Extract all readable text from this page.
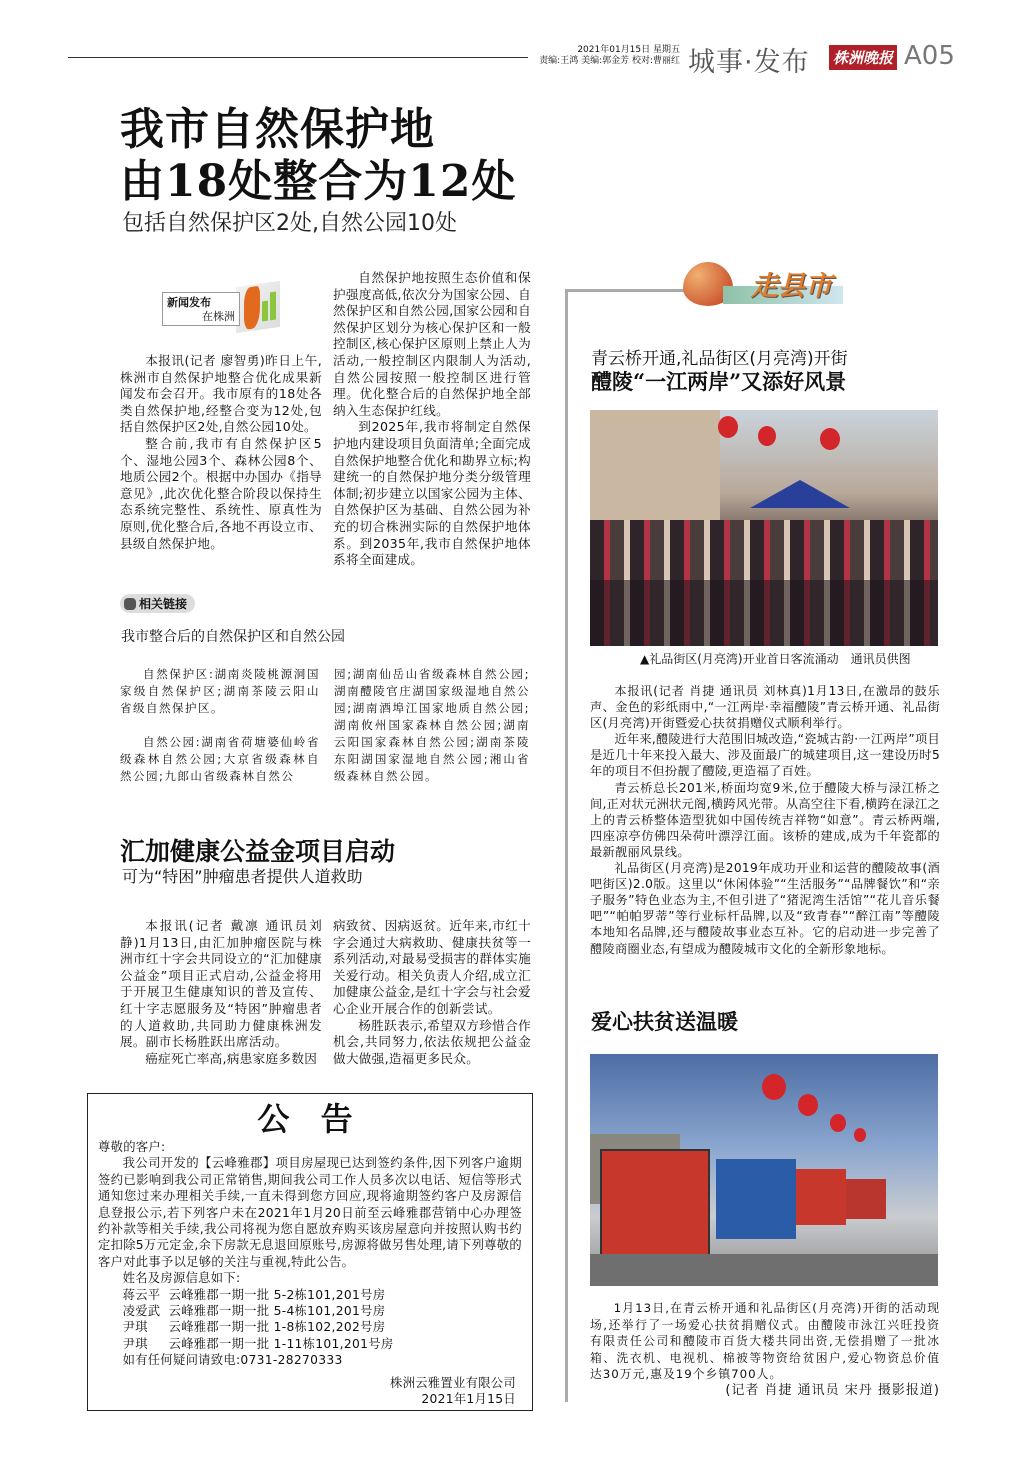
2021年01月15日 星期五
责编:王鸿 美编:郭金芳 校对:曹丽红 城事·发布 株洲晚报 A05
我市自然保护地
由18处整合为12处
包括自然保护区2处,自然公园10处
新闻发布
在株洲

本报讯(记者 廖智勇)昨日上午,株洲市自然保护地整合优化成果新闻发布会召开。我市原有的18处各类自然保护地,经整合变为12处,包括自然保护区2处,自然公园10处。

整合前,我市有自然保护区5个、湿地公园3个、森林公园8个、地质公园2个。根据中办国办《指导意见》,此次优化整合阶段以保持生态系统完整性、系统性、原真性为原则,优化整合后,各地不再设立市、县级自然保护地。

自然保护地按照生态价值和保护强度高低,依次分为国家公园、自然保护区和自然公园,国家公园和自然保护区划分为核心保护区和一般控制区,核心保护区原则上禁止人为活动,一般控制区内限制人为活动,自然公园按照一般控制区进行管理。优化整合后的自然保护地全部纳入生态保护红线。

到2025年,我市将制定自然保护地内建设项目负面清单;全面完成自然保护地整合优化和勘界立标;构建统一的自然保护地分类分级管理体制;初步建立以国家公园为主体、自然保护区为基础、自然公园为补充的切合株洲实际的自然保护地体系。到2035年,我市自然保护地体系将全面建成。

相关链接
我市整合后的自然保护区和自然公园

自然保护区:湖南炎陵桃源洞国家级自然保护区;湖南茶陵云阳山省级自然保护区。

自然公园:湖南省荷塘婆仙岭省级森林自然公园;大京省级森林自然公园;九郎山省级森林自然公

园;湖南仙岳山省级森林自然公园;湖南醴陵官庄湖国家级湿地自然公园;湖南酒埠江国家地质自然公园;湖南攸州国家森林自然公园;湖南云阳国家森林自然公园;湖南茶陵东阳湖国家湿地自然公园;湘山省级森林自然公园。
汇加健康公益金项目启动
可为“特困”肿瘤患者提供人道救助

本报讯(记者 戴凛 通讯员刘静)1月13日,由汇加肿瘤医院与株洲市红十字会共同设立的“汇加健康公益金”项目正式启动,公益金将用于开展卫生健康知识的普及宣传、红十字志愿服务及“特困”肿瘤患者的人道救助,共同助力健康株洲发展。副市长杨胜跃出席活动。

癌症死亡率高,病患家庭多数因

病致贫、因病返贫。近年来,市红十字会通过大病救助、健康扶贫等一系列活动,对最易受损害的群体实施关爱行动。相关负责人介绍,成立汇加健康公益金,是红十字会与社会爱心企业开展合作的创新尝试。

杨胜跃表示,希望双方珍惜合作机会,共同努力,依法依规把公益金做大做强,造福更多民众。

公 告
尊敬的客户:

我公司开发的【云峰雅郡】项目房屋现已达到签约条件,因下列客户逾期签约已影响到我公司正常销售,期间我公司工作人员多次以电话、短信等形式通知您过来办理相关手续,一直未得到您方回应,现将逾期签约客户及房源信息登报公示,若下列客户未在2021年1月20日前至云峰雅郡营销中心办理签约补款等相关手续,我公司将视为您自愿放弃购买该房屋意向并按照认购书约定扣除5万元定金,余下房款无息退回原账号,房源将做另售处理,请下列尊敬的客户对此事予以足够的关注与重视,特此公告。

姓名及房源信息如下:

蒋云平 云峰雅郡一期一批 5-2栋101,201号房
凌爱武 云峰雅郡一期一批 5-4栋101,201号房
尹琪	云峰雅郡一期一批 1-8栋102,202号房
尹琪	云峰雅郡一期一批 1-11栋101,201号房

如有任何疑问请致电:0731-28270333

株洲云雅置业有限公司
2021年1月15日
走县市
青云桥开通,礼品街区(月亮湾)开街
醴陵“一江两岸”又添好风景
▲礼品街区(月亮湾)开业首日客流涌动　通讯员供图

本报讯(记者 肖捷 通讯员 刘林真)1月13日,在激昂的鼓乐声、金色的彩纸雨中,“一江两岸·幸福醴陵”青云桥开通、礼品街区(月亮湾)开街暨爱心扶贫捐赠仪式顺利举行。

近年来,醴陵进行大范围旧城改造,“瓷城古韵·一江两岸”项目是近几十年来投入最大、涉及面最广的城建项目,这一建设历时5年的项目不但扮靓了醴陵,更造福了百姓。

青云桥总长201米,桥面均宽9米,位于醴陵大桥与渌江桥之间,正对状元洲状元阁,横跨风光带。从高空往下看,横跨在渌江之上的青云桥整体造型犹如中国传统吉祥物“如意”。青云桥两端,四座凉亭仿佛四朵荷叶漂浮江面。该桥的建成,成为千年瓷都的最新靓丽风景线。

礼品街区(月亮湾)是2019年成功开业和运营的醴陵故事(酒吧街区)2.0版。这里以“休闲体验”“生活服务”“品牌餐饮”和“亲子服务”特色业态为主,不但引进了“猪泥湾生活馆”“花儿音乐餐吧”“帕帕罗蒂”等行业标杆品牌,以及“致青春”“醉江南”等醴陵本地知名品牌,还与醴陵故事业态互补。它的启动进一步完善了醴陵商圈业态,有望成为醴陵城市文化的全新形象地标。

爱心扶贫送温暖

1月13日,在青云桥开通和礼品街区(月亮湾)开街的活动现场,还举行了一场爱心扶贫捐赠仪式。由醴陵市泳江兴旺投资有限责任公司和醴陵市百货大楼共同出资,无偿捐赠了一批冰箱、洗衣机、电视机、棉被等物资给贫困户,爱心物资总价值达30万元,惠及19个乡镇700人。

(记者 肖捷 通讯员 宋丹 摄影报道)
